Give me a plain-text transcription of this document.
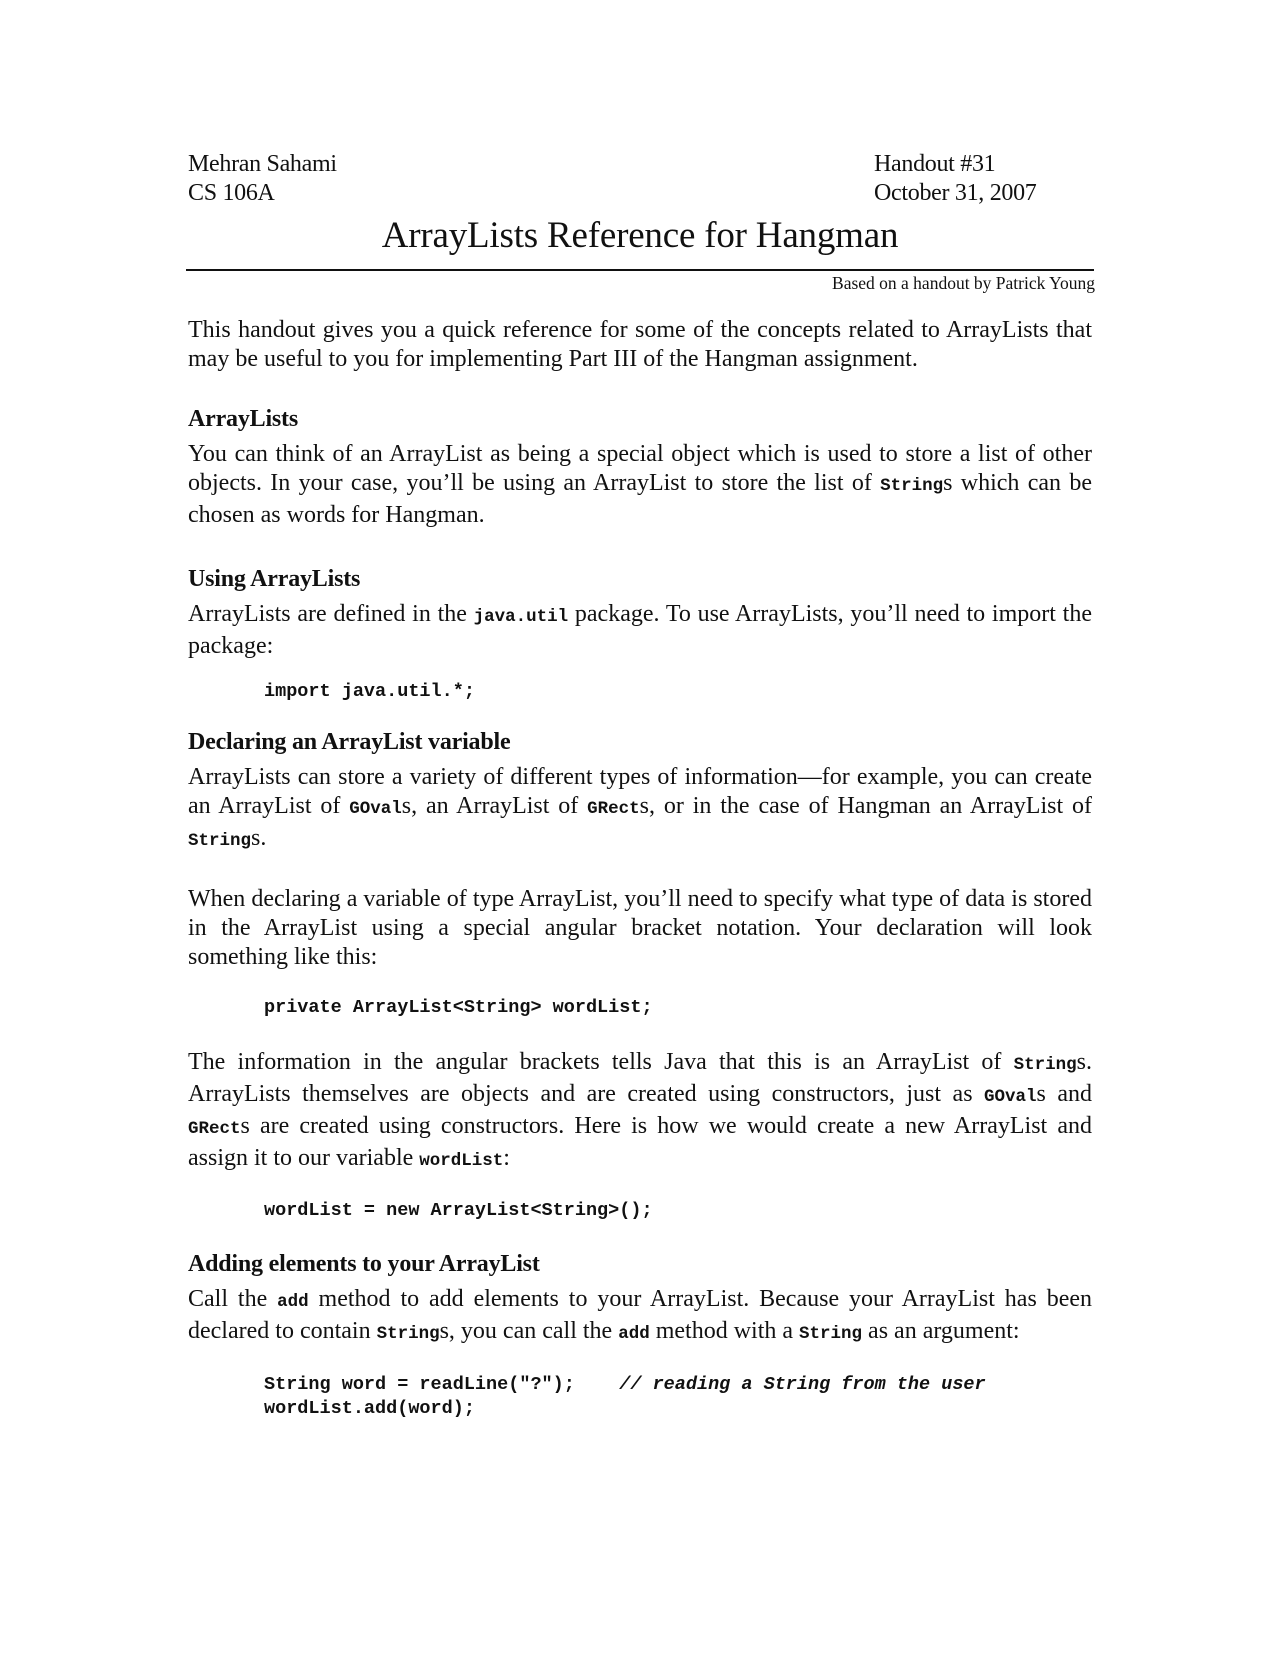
Mehran Sahami	Handout #31
CS 106A	October 31, 2007
ArrayLists Reference for Hangman
Based on a handout by Patrick Young

This handout gives you a quick reference for some of the concepts related to ArrayLists that may be useful to you for implementing Part III of the Hangman assignment.

ArrayLists

You can think of an ArrayList as being a special object which is used to store a list of other objects. In your case, you’ll be using an ArrayList to store the list of Strings which can be chosen as words for Hangman.

Using ArrayLists

ArrayLists are defined in the java.util package. To use ArrayLists, you’ll need to import the package:

import java.util.*;
Declaring an ArrayList variable

ArrayLists can store a variety of different types of information—for example, you can create an ArrayList of GOvals, an ArrayList of GRects, or in the case of Hangman an ArrayList of Strings.

When declaring a variable of type ArrayList, you’ll need to specify what type of data is stored in the ArrayList using a special angular bracket notation. Your declaration will look something like this:

private ArrayList<String> wordList;

The information in the angular brackets tells Java that this is an ArrayList of Strings. ArrayLists themselves are objects and are created using constructors, just as GOvals and GRects are created using constructors. Here is how we would create a new ArrayList and assign it to our variable wordList:

wordList = new ArrayList<String>();
Adding elements to your ArrayList

Call the add method to add elements to your ArrayList. Because your ArrayList has been declared to contain Strings, you can call the add method with a String as an argument:

String word = readLine("?");    // reading a String from the user
wordList.add(word);
